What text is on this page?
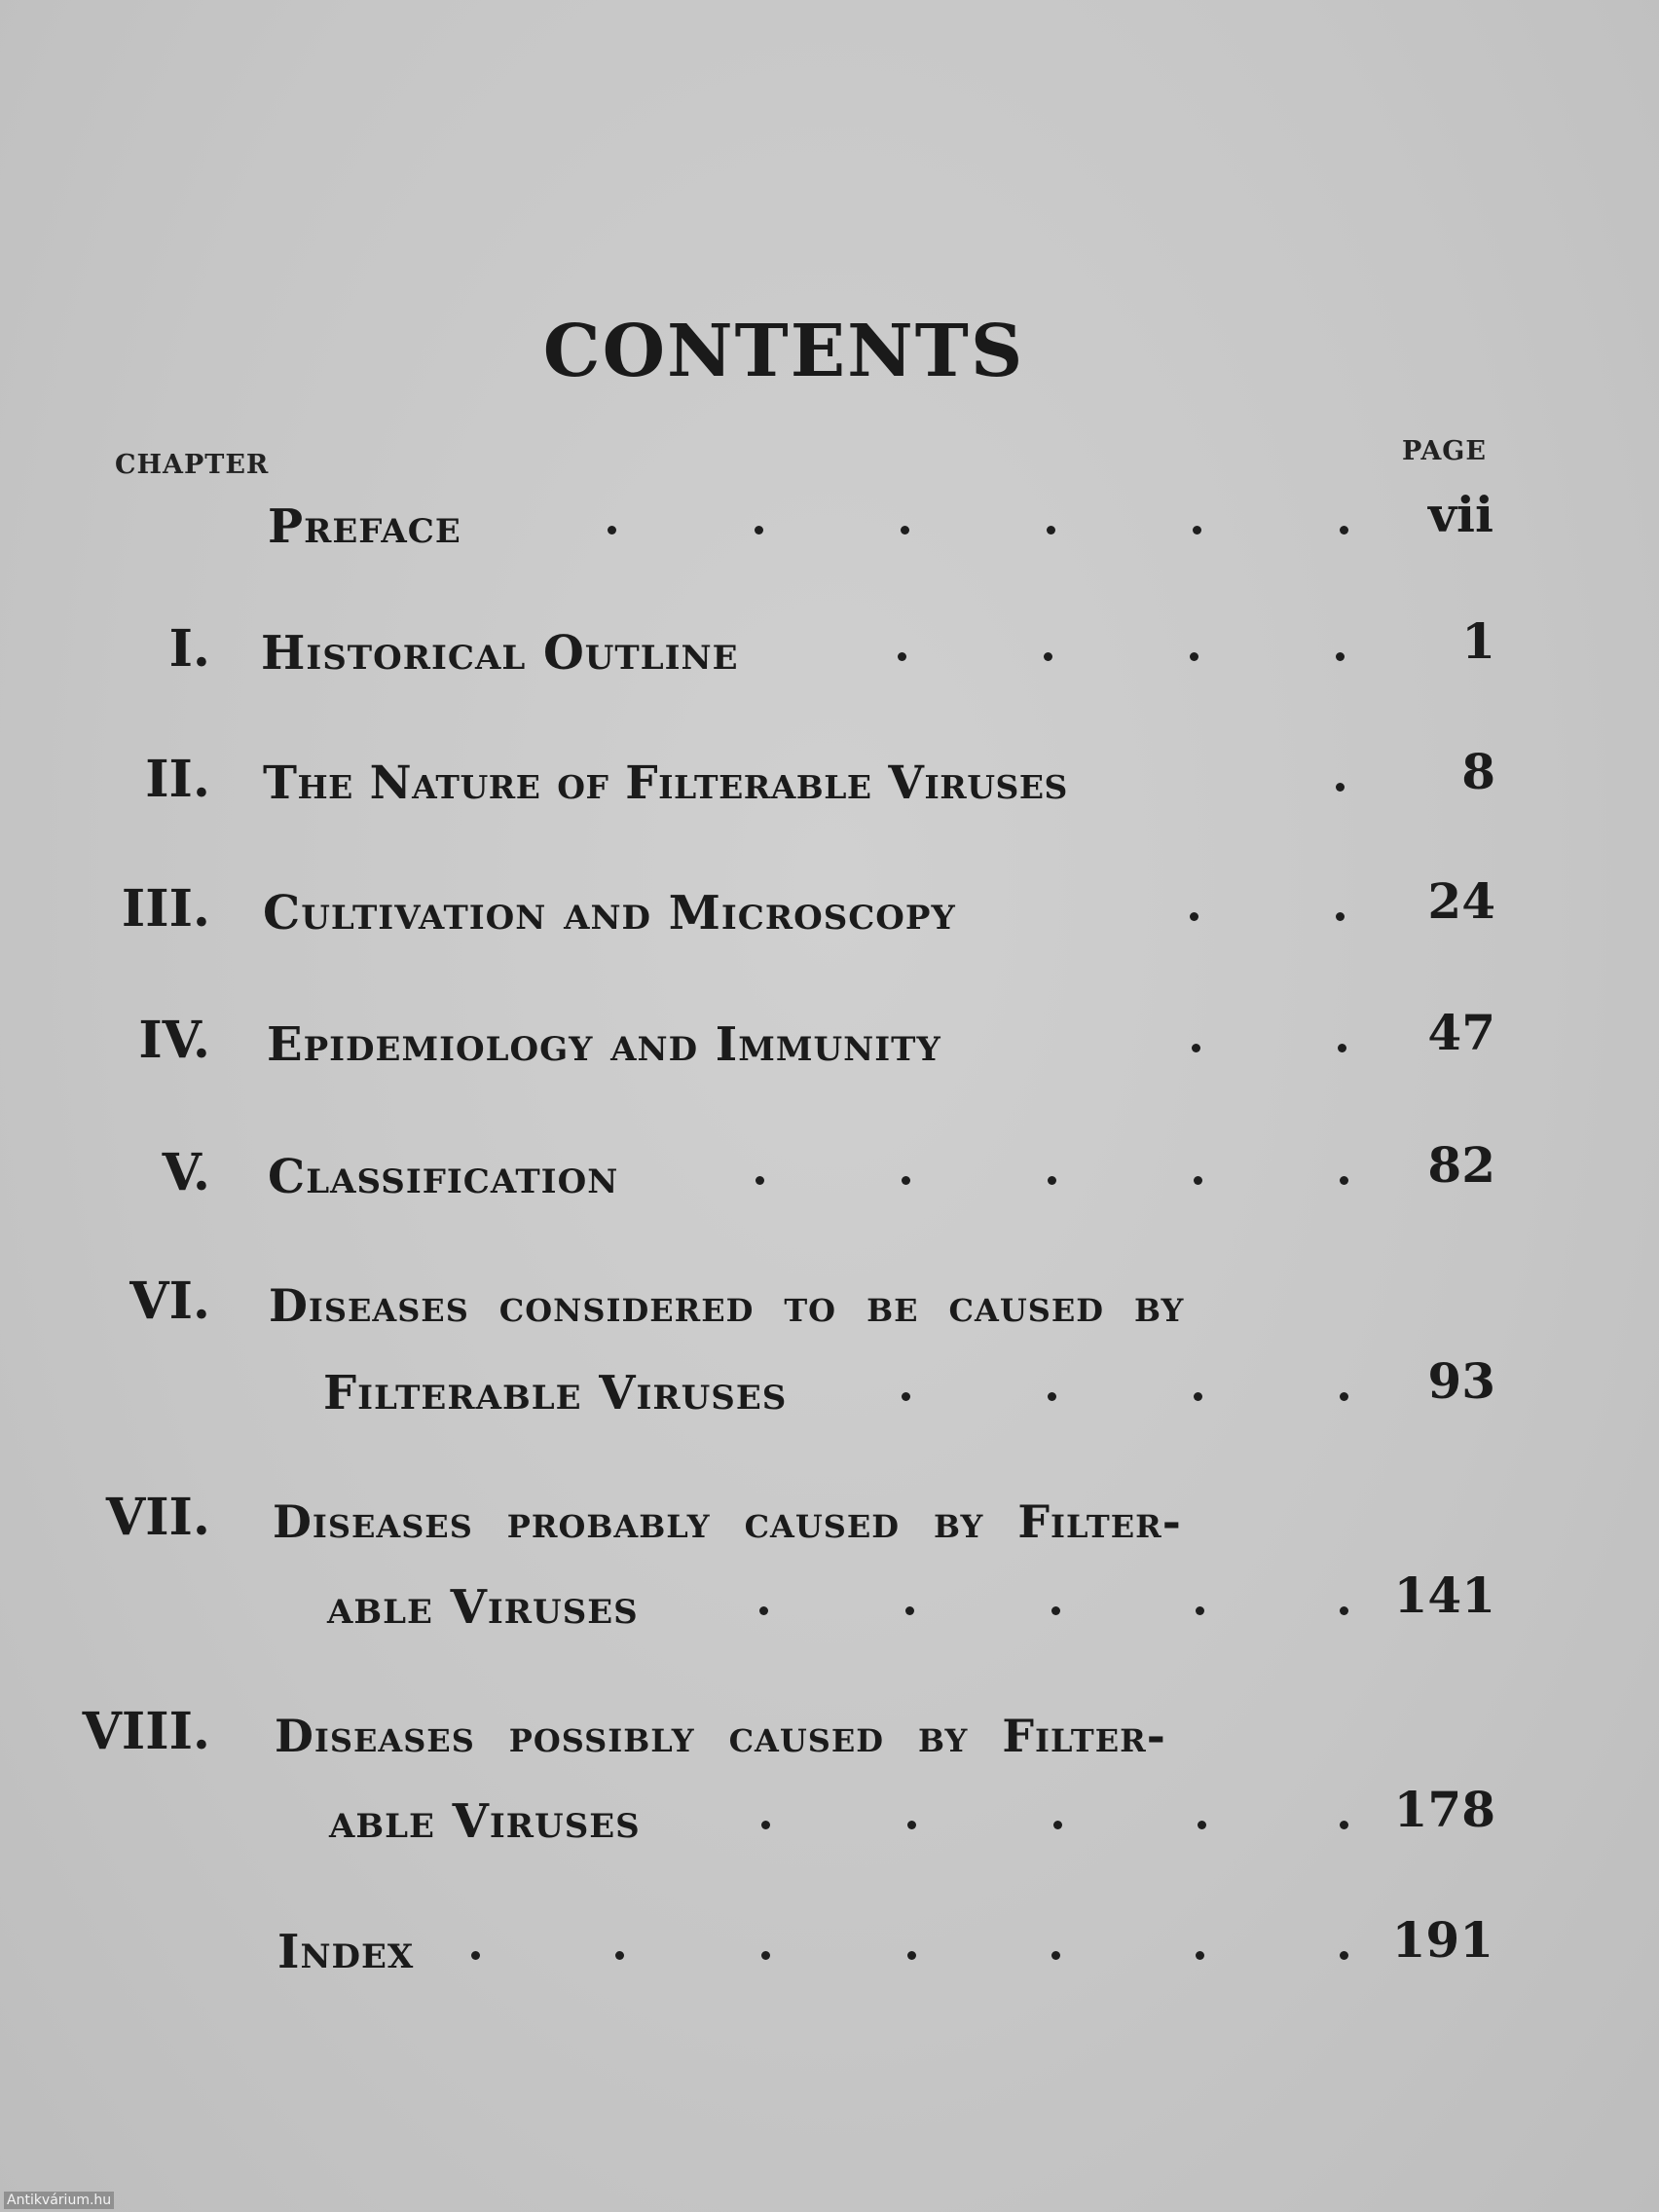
CONTENTS
CHAPTER	PAGE
Preface	vii
I. Historical Outline	1
II. The Nature of Filterable Viruses	8
III. Cultivation and Microscopy	24
IV. Epidemiology and Immunity	47
V. Classification	82
VI. Diseases considered to be caused by
Filterable Viruses	93
VII. Diseases probably caused by Filter-
able Viruses	141
VIII. Diseases possibly caused by Filter-
able Viruses	178
Index	191
Antikvárium.hu
